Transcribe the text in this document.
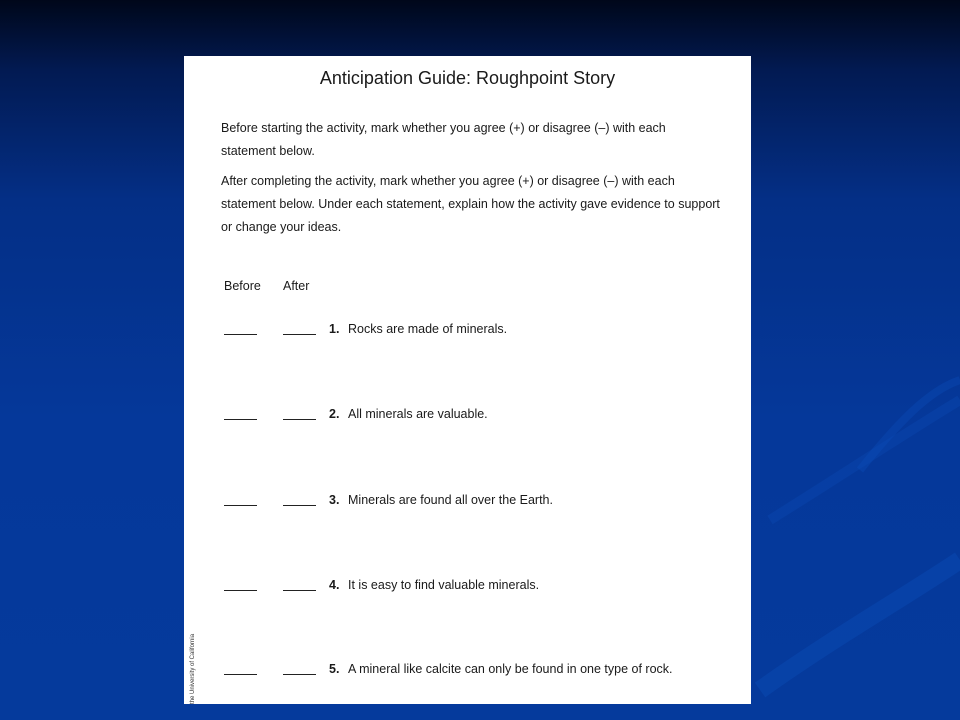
Anticipation Guide: Roughpoint Story
Before starting the activity, mark whether you agree (+) or disagree (–) with each statement below.
After completing the activity, mark whether you agree (+) or disagree (–) with each statement below. Under each statement, explain how the activity gave evidence to support or change your ideas.
Before After
1. Rocks are made of minerals.
2. All minerals are valuable.
3. Minerals are found all over the Earth.
4. It is easy to find valuable minerals.
5. A mineral like calcite can only be found in one type of rock.
the University of California
